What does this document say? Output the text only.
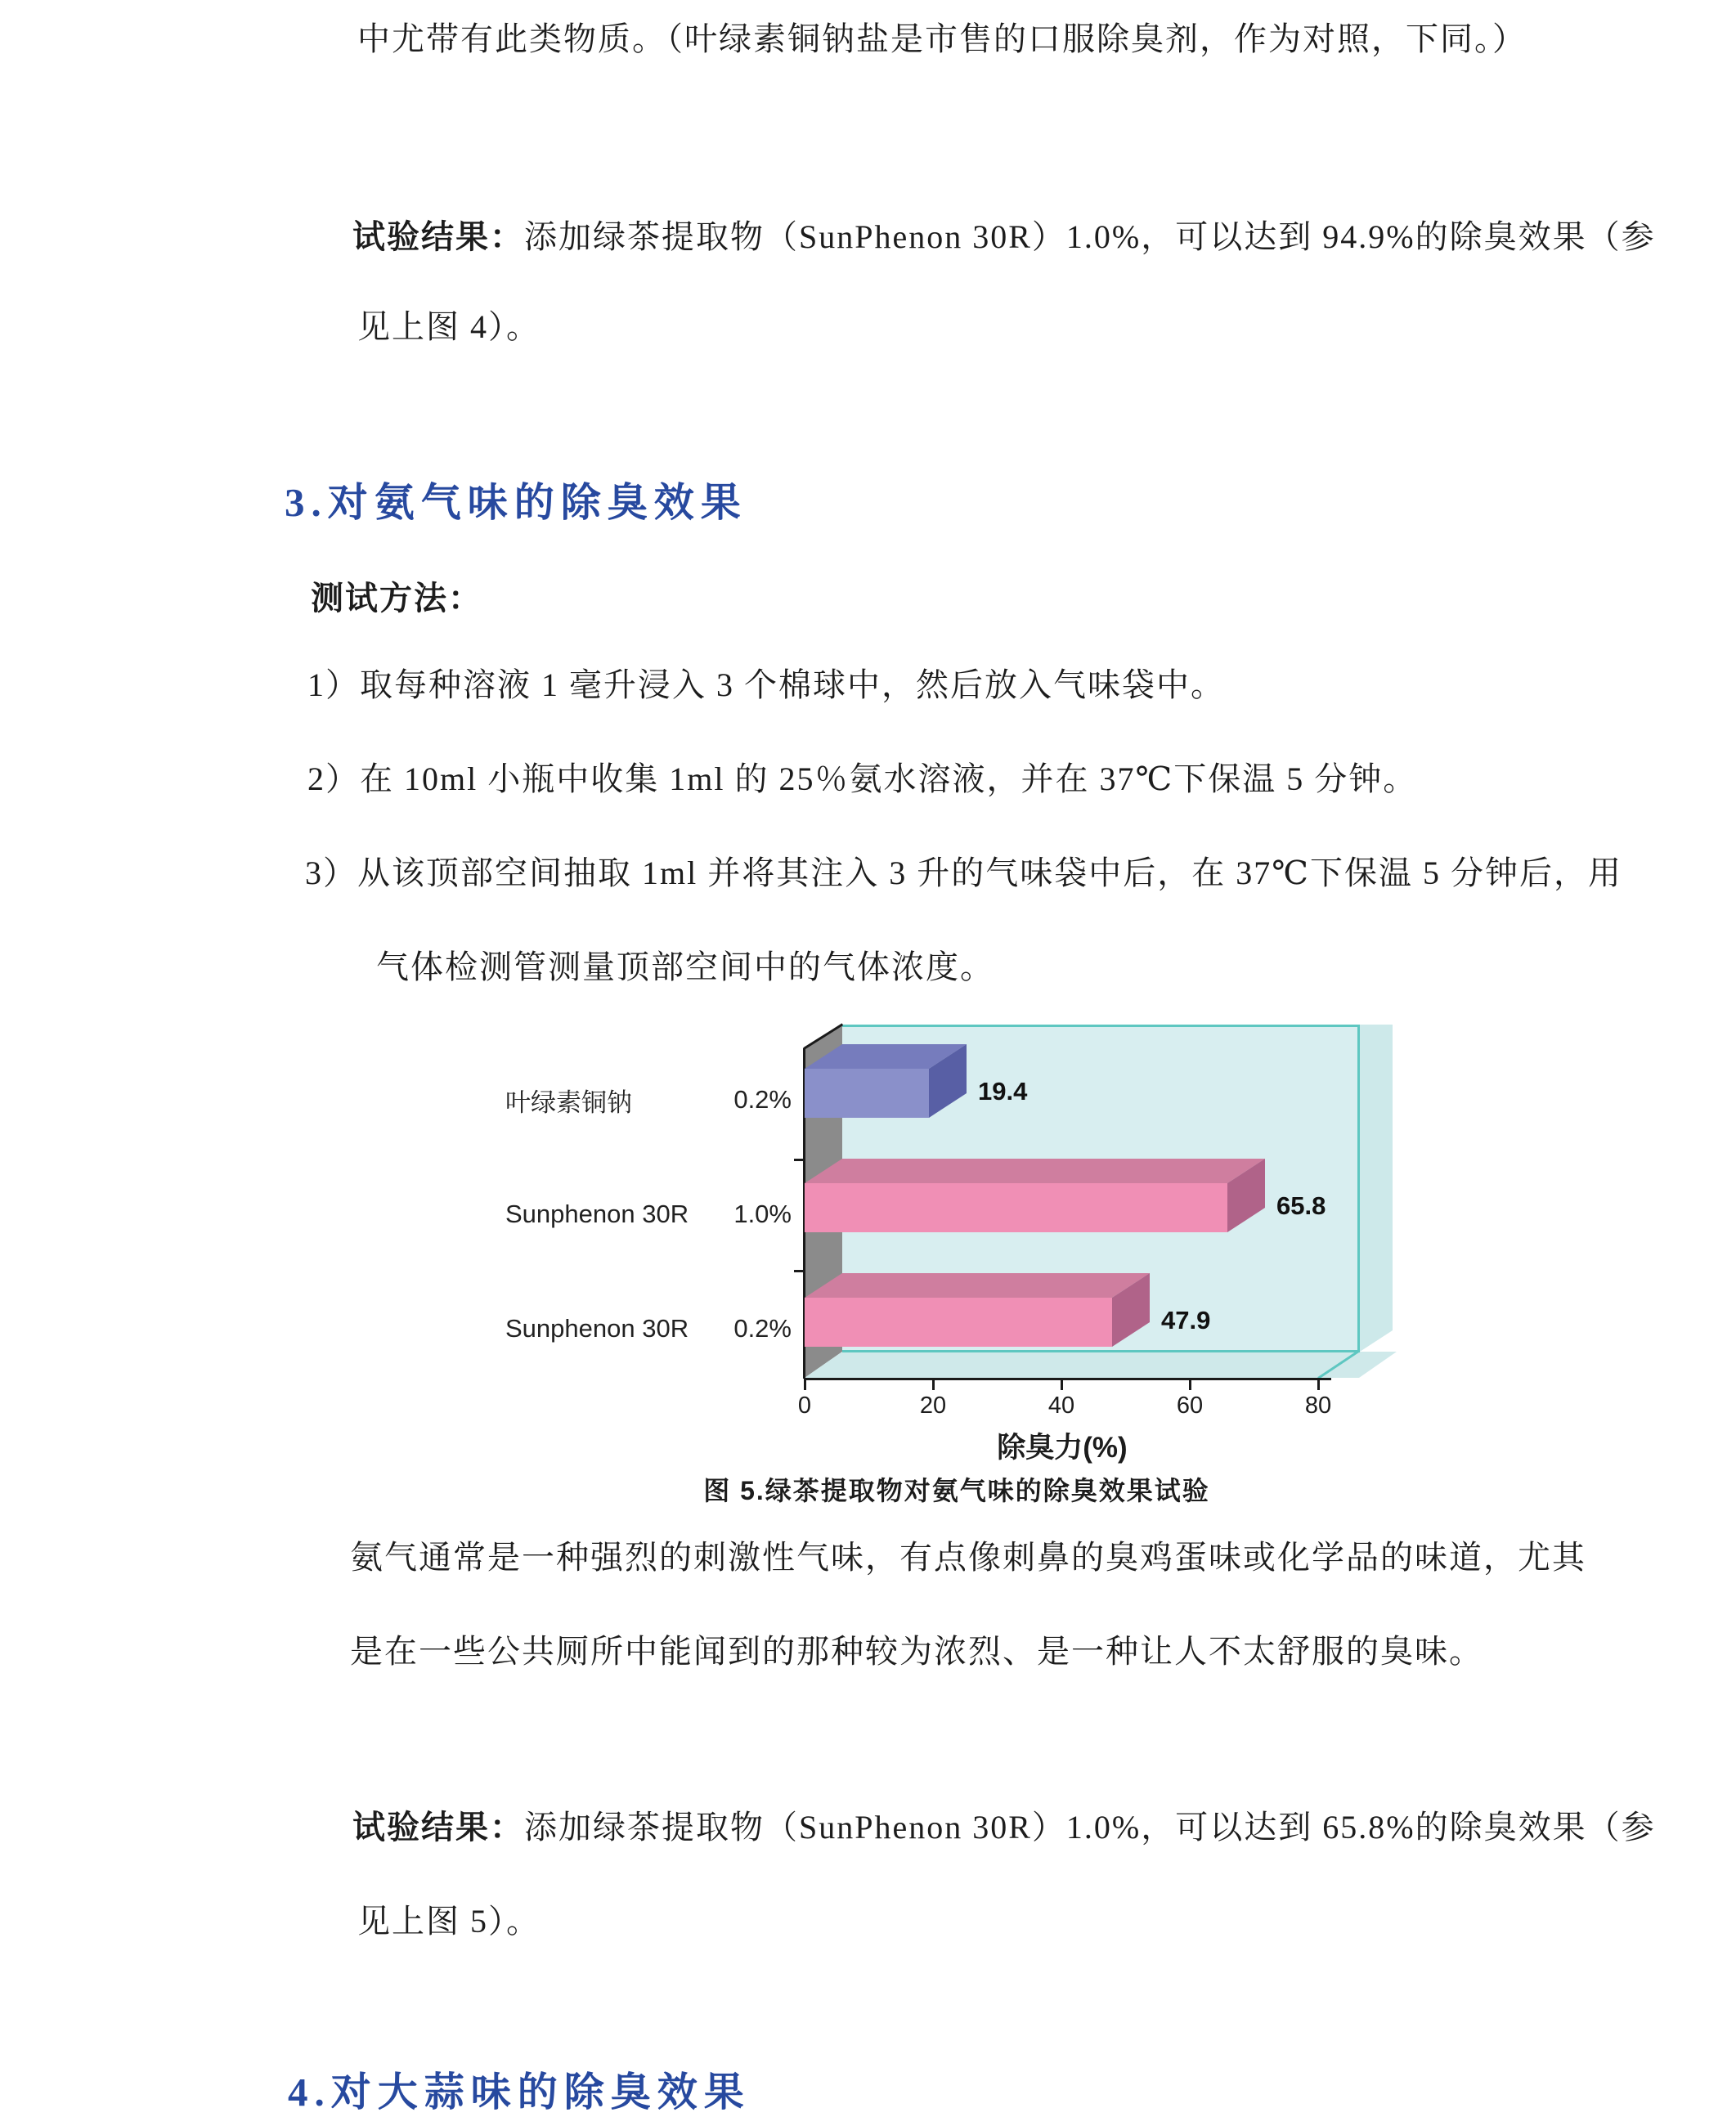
中尤带有此类物质。（叶绿素铜钠盐是市售的口服除臭剂，作为对照，下同。）
试验结果：添加绿茶提取物（SunPhenon 30R）1.0%，可以达到 94.9%的除臭效果（参
见上图 4）。
3.对氨气味的除臭效果
测试方法：
1）取每种溶液 1 毫升浸入 3 个棉球中，然后放入气味袋中。
2）在 10ml 小瓶中收集 1ml 的 25％氨水溶液，并在 37℃下保温 5 分钟。
3）从该顶部空间抽取 1ml 并将其注入 3 升的气味袋中后，在 37℃下保温 5 分钟后，用
气体检测管测量顶部空间中的气体浓度。
叶绿素铜钠	0.2%	19.4
Sunphenon 30R 1.0%	65.8
Sunphenon 30R 0.2%	47.9
0	20	40	60	80
除臭力(%)
图 5.绿茶提取物对氨气味的除臭效果试验
氨气通常是一种强烈的刺激性气味，有点像刺鼻的臭鸡蛋味或化学品的味道，尤其
是在一些公共厕所中能闻到的那种较为浓烈、是一种让人不太舒服的臭味。
试验结果：添加绿茶提取物（SunPhenon 30R）1.0%，可以达到 65.8%的除臭效果（参
见上图 5）。
4.对大蒜味的除臭效果
